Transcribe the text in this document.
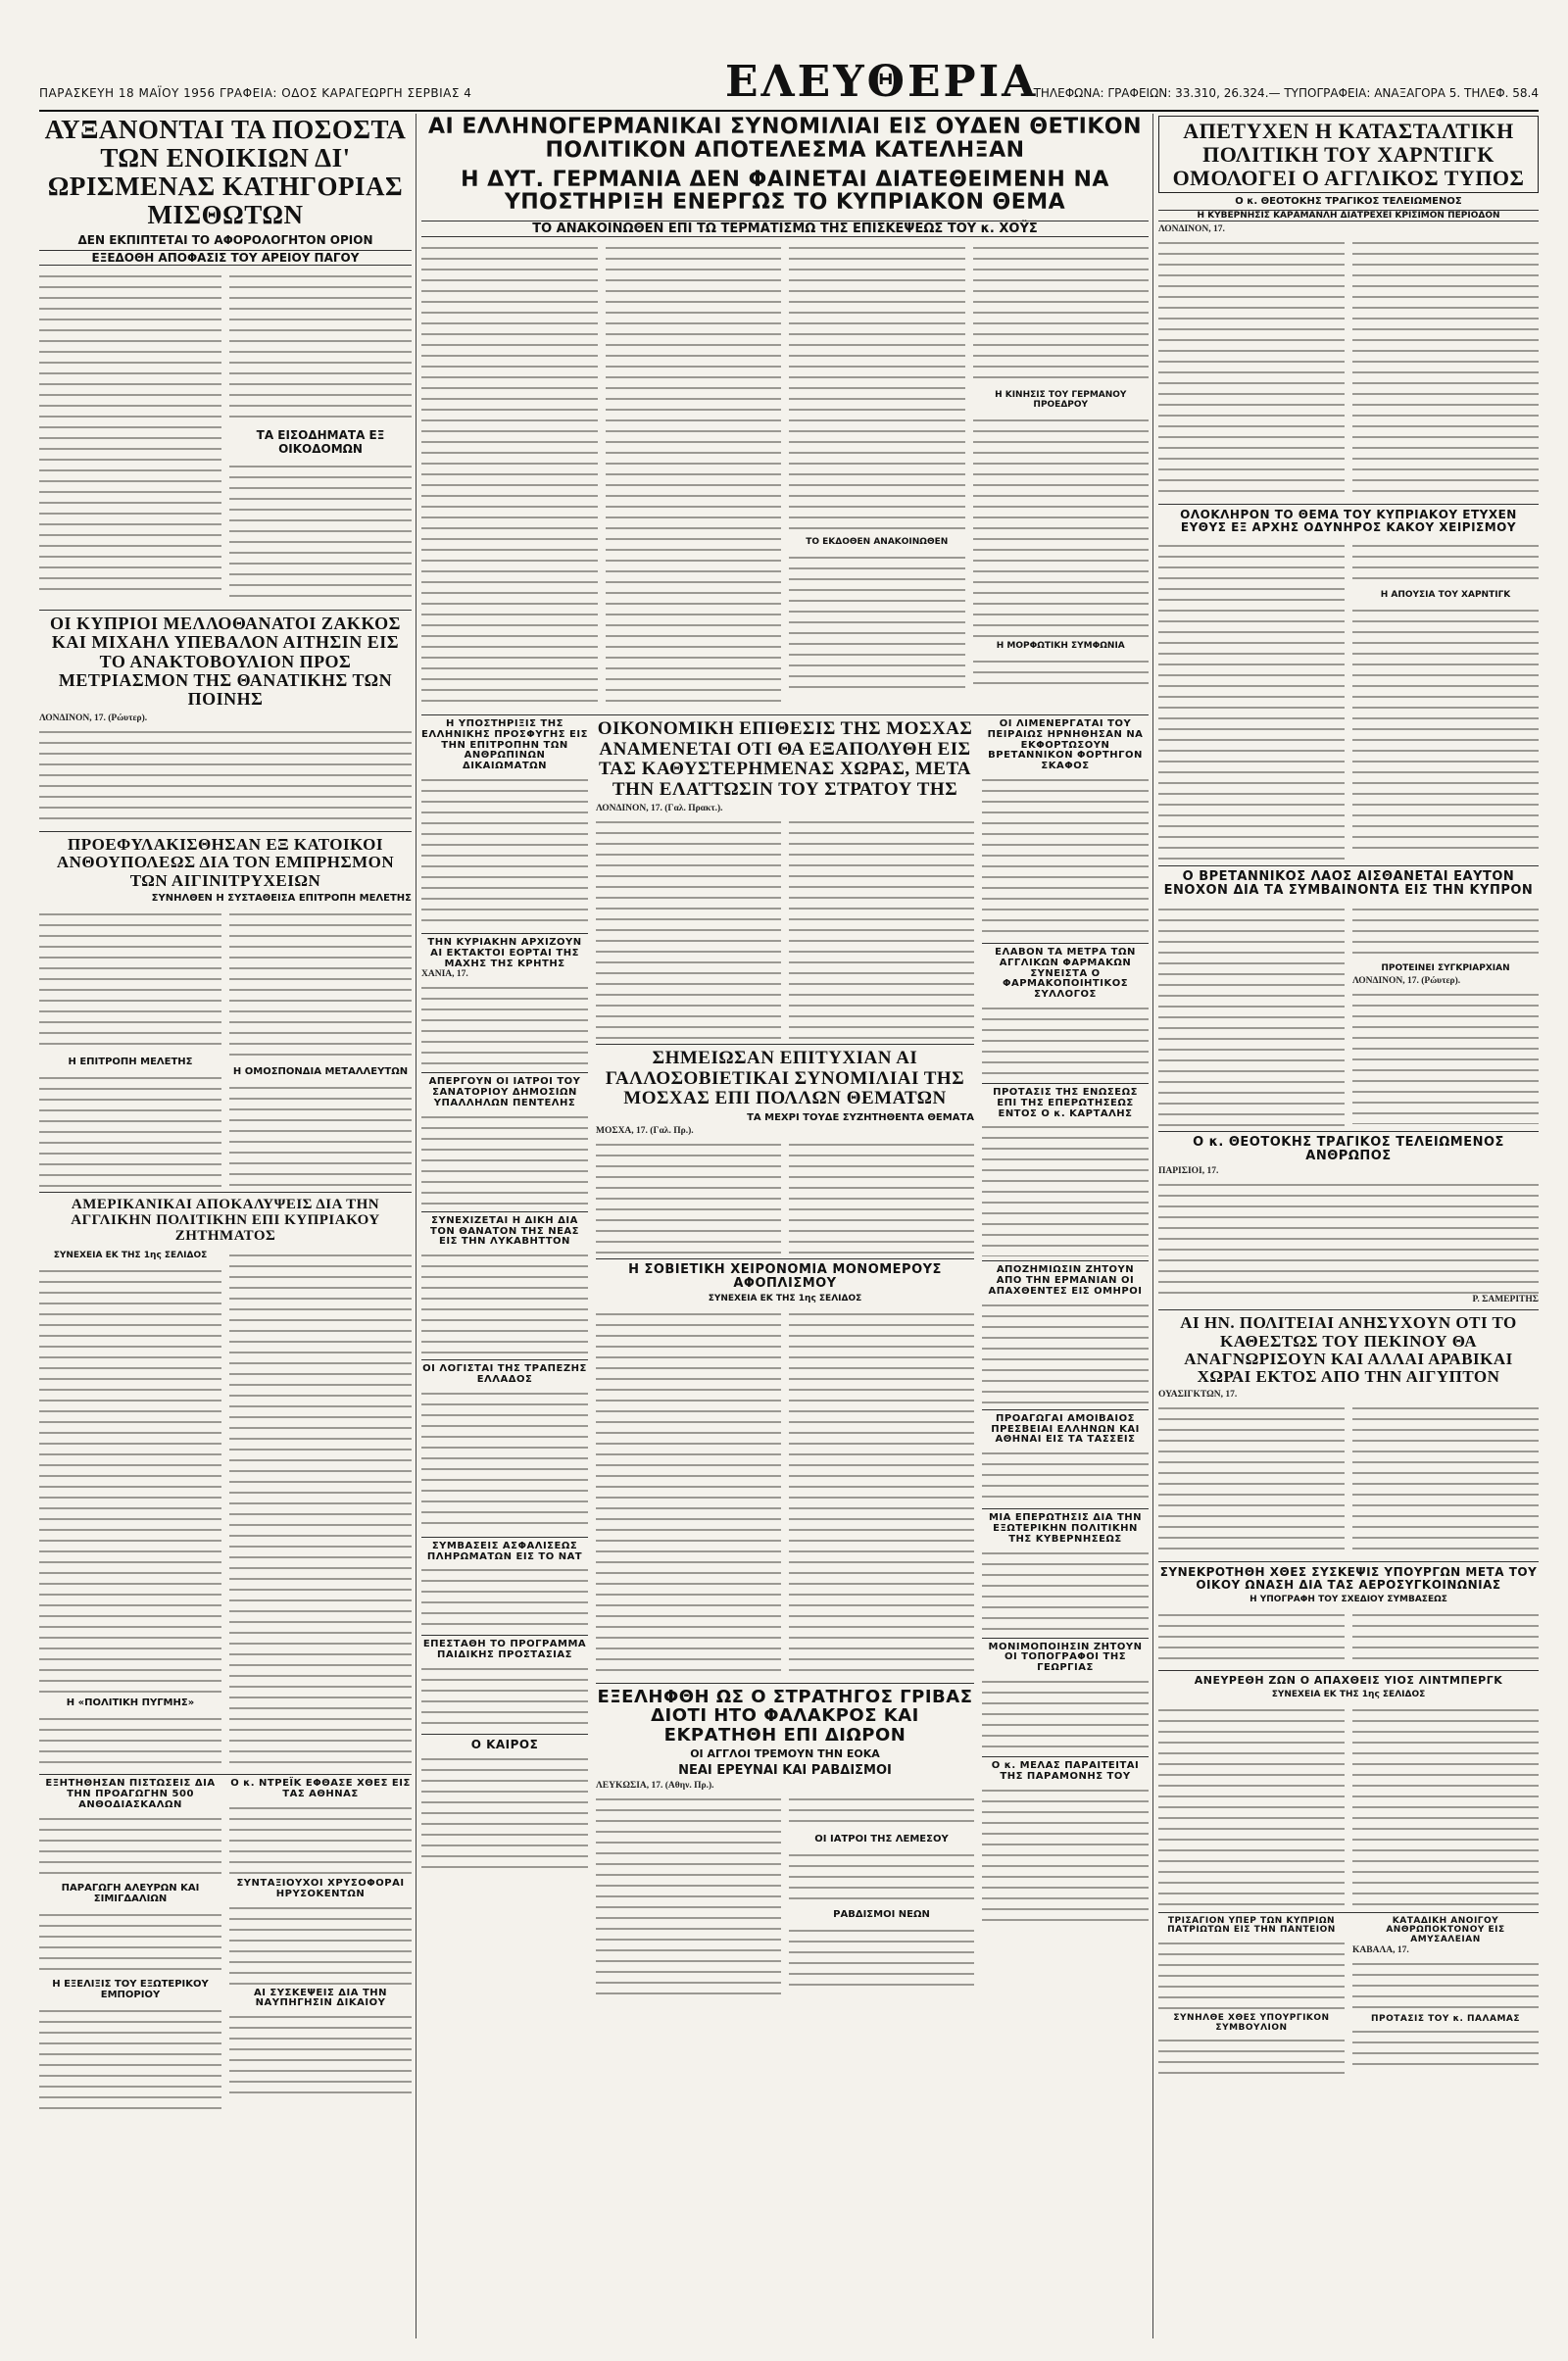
ΠΑΡΑΣΚΕΥΗ 18 ΜΑΪΟΥ 1956 ΓΡΑΦΕΙΑ: ΟΔΟΣ ΚΑΡΑΓΕΩΡΓΗ ΣΕΡΒΙΑΣ 4	ΕΛΕΥΘΕΡΙΑ
ΤΗΛΕΦΩΝΑ: ΓΡΑΦΕΙΩΝ: 33.310, 26.324.— ΤΥΠΟΓΡΑΦΕΙΑ: ΑΝΑΞΑΓΟΡΑ 5. ΤΗΛΕΦ. 58.4
ΑΥΞΑΝΟΝΤΑΙ ΤΑ ΠΟΣΟΣΤΑ ΤΩΝ ΕΝΟΙΚΙΩΝ ΔΙ' ΩΡΙΣΜΕΝΑΣ ΚΑΤΗΓΟΡΙΑΣ ΜΙΣΘΩΤΩΝ
ΔΕΝ ΕΚΠΙΠΤΕΤΑΙ ΤΟ ΑΦΟΡΟΛΟΓΗΤΟΝ ΟΡΙΟΝ
ΕΞΕΔΟΘΗ ΑΠΟΦΑΣΙΣ ΤΟΥ ΑΡΕΙΟΥ ΠΑΓΟΥ
ΤΑ ΕΙΣΟΔΗΜΑΤΑ ΕΞ ΟΙΚΟΔΟΜΩΝ
ΟΙ ΚΥΠΡΙΟΙ ΜΕΛΛΟΘΑΝΑΤΟΙ ΖΑΚΚΟΣ ΚΑΙ ΜΙΧΑΗΛ ΥΠΕΒΑΛΟΝ ΑΙΤΗΣΙΝ ΕΙΣ ΤΟ ΑΝΑΚΤΟΒΟΥΛΙΟΝ ΠΡΟΣ ΜΕΤΡΙΑΣΜΟΝ ΤΗΣ ΘΑΝΑΤΙΚΗΣ ΤΩΝ ΠΟΙΝΗΣ
ΛΟΝΔΙΝΟΝ, 17. (Ρώυτερ).
ΠΡΟΕΦΥΛΑΚΙΣΘΗΣΑΝ ΕΞ ΚΑΤΟΙΚΟΙ ΑΝΘΟΥΠΟΛΕΩΣ ΔΙΑ ΤΟΝ ΕΜΠΡΗΣΜΟΝ ΤΩΝ ΑΙΓΙΝΙΤΡΥΧΕΙΩΝ
ΣΥΝΗΛΘΕΝ Η ΣΥΣΤΑΘΕΙΣΑ ΕΠΙΤΡΟΠΗ ΜΕΛΕΤΗΣ
Η ΕΠΙΤΡΟΠΗ ΜΕΛΕΤΗΣ
Η ΟΜΟΣΠΟΝΔΙΑ ΜΕΤΑΛΛΕΥΤΩΝ
ΑΜΕΡΙΚΑΝΙΚΑΙ ΑΠΟΚΑΛΥΨΕΙΣ ΔΙΑ ΤΗΝ ΑΓΓΛΙΚΗΝ ΠΟΛΙΤΙΚΗΝ ΕΠΙ ΚΥΠΡΙΑΚΟΥ ΖΗΤΗΜΑΤΟΣ
ΣΥΝΕΧΕΙΑ ΕΚ ΤΗΣ 1ης ΣΕΛΙΔΟΣ
Η «ΠΟΛΙΤΙΚΗ ΠΥΓΜΗΣ»
ΕΞΗΤΗΘΗΣΑΝ ΠΙΣΤΩΣΕΙΣ ΔΙΑ ΤΗΝ ΠΡΟΑΓΩΓΗΝ 500 ΑΝΘΟΔΙΑΣΚΑΛΩΝ
ΠΑΡΑΓΩΓΗ ΑΛΕΥΡΩΝ ΚΑΙ ΣΙΜΙΓΔΑΛΙΩΝ
Η ΕΞΕΛΙΞΙΣ ΤΟΥ ΕΞΩΤΕΡΙΚΟΥ ΕΜΠΟΡΙΟΥ
Ο κ. ΝΤΡΕΪΚ ΕΦΘΑΣΕ ΧΘΕΣ ΕΙΣ ΤΑΣ ΑΘΗΝΑΣ
ΣΥΝΤΑΞΙΟΥΧΟΙ ΧΡΥΣΟΦΟΡΑΙ ΗΡΥΣΟΚΕΝΤΩΝ
ΑΙ ΣΥΣΚΕΨΕΙΣ ΔΙΑ ΤΗΝ ΝΑΥΠΗΓΗΣΙΝ ΔΙΚΑΙΟΥ
ΑΙ ΕΛΛΗΝΟΓΕΡΜΑΝΙΚΑΙ ΣΥΝΟΜΙΛΙΑΙ ΕΙΣ ΟΥΔΕΝ ΘΕΤΙΚΟΝ ΠΟΛΙΤΙΚΟΝ ΑΠΟΤΕΛΕΣΜΑ ΚΑΤΕΛΗΞΑΝ
Η ΔΥΤ. ΓΕΡΜΑΝΙΑ ΔΕΝ ΦΑΙΝΕΤΑΙ ΔΙΑΤΕΘΕΙΜΕΝΗ ΝΑ ΥΠΟΣΤΗΡΙΞΗ ΕΝΕΡΓΩΣ ΤΟ ΚΥΠΡΙΑΚΟΝ ΘΕΜΑ
ΤΟ ΑΝΑΚΟΙΝΩΘΕΝ ΕΠΙ ΤΩ ΤΕΡΜΑΤΙΣΜΩ ΤΗΣ ΕΠΙΣΚΕΨΕΩΣ ΤΟΥ κ. ΧΟΫΣ
ΤΟ ΕΚΔΟΘΕΝ ΑΝΑΚΟΙΝΩΘΕΝ
Η ΚΙΝΗΣΙΣ ΤΟΥ ΓΕΡΜΑΝΟΥ ΠΡΟΕΔΡΟΥ
Η ΜΟΡΦΩΤΙΚΗ ΣΥΜΦΩΝΙΑ
Η ΥΠΟΣΤΗΡΙΞΙΣ ΤΗΣ ΕΛΛΗΝΙΚΗΣ ΠΡΟΣΦΥΓΗΣ ΕΙΣ ΤΗΝ ΕΠΙΤΡΟΠΗΝ ΤΩΝ ΑΝΘΡΩΠΙΝΩΝ ΔΙΚΑΙΩΜΑΤΩΝ
ΤΗΝ ΚΥΡΙΑΚΗΝ ΑΡΧΙΖΟΥΝ ΑΙ ΕΚΤΑΚΤΟΙ ΕΟΡΤΑΙ ΤΗΣ ΜΑΧΗΣ ΤΗΣ ΚΡΗΤΗΣ
ΧΑΝΙΑ, 17.
ΑΠΕΡΓΟΥΝ ΟΙ ΙΑΤΡΟΙ ΤΟΥ ΣΑΝΑΤΟΡΙΟΥ ΔΗΜΟΣΙΩΝ ΥΠΑΛΛΗΛΩΝ ΠΕΝΤΕΛΗΣ
ΣΥΝΕΧΙΖΕΤΑΙ Η ΔΙΚΗ ΔΙΑ ΤΟΝ ΘΑΝΑΤΟΝ ΤΗΣ ΝΕΑΣ ΕΙΣ ΤΗΝ ΛΥΚΑΒΗΤΤΟΝ
ΟΙ ΛΟΓΙΣΤΑΙ ΤΗΣ ΤΡΑΠΕΖΗΣ ΕΛΛΑΔΟΣ
ΣΥΜΒΑΣΕΙΣ ΑΣΦΑΛΙΣΕΩΣ ΠΛΗΡΩΜΑΤΩΝ ΕΙΣ ΤΟ ΝΑΤ
ΕΠΕΣΤΑΘΗ ΤΟ ΠΡΟΓΡΑΜΜΑ ΠΑΙΔΙΚΗΣ ΠΡΟΣΤΑΣΙΑΣ
Ο ΚΑΙΡΟΣ
ΟΙΚΟΝΟΜΙΚΗ ΕΠΙΘΕΣΙΣ ΤΗΣ ΜΟΣΧΑΣ ΑΝΑΜΕΝΕΤΑΙ ΟΤΙ ΘΑ ΕΞΑΠΟΛΥΘΗ ΕΙΣ ΤΑΣ ΚΑΘΥΣΤΕΡΗΜΕΝΑΣ ΧΩΡΑΣ, ΜΕΤΑ ΤΗΝ ΕΛΑΤΤΩΣΙΝ ΤΟΥ ΣΤΡΑΤΟΥ ΤΗΣ
ΛΟΝΔΙΝΟΝ, 17. (Γαλ. Πρακτ.).
ΣΗΜΕΙΩΣΑΝ ΕΠΙΤΥΧΙΑΝ ΑΙ ΓΑΛΛΟΣΟΒΙΕΤΙΚΑΙ ΣΥΝΟΜΙΛΙΑΙ ΤΗΣ ΜΟΣΧΑΣ ΕΠΙ ΠΟΛΛΩΝ ΘΕΜΑΤΩΝ
ΤΑ ΜΕΧΡΙ ΤΟΥΔΕ ΣΥΖΗΤΗΘΕΝΤΑ ΘΕΜΑΤΑ
ΜΟΣΧΑ, 17. (Γαλ. Πρ.).
Η ΣΟΒΙΕΤΙΚΗ ΧΕΙΡΟΝΟΜΙΑ ΜΟΝΟΜΕΡΟΥΣ ΑΦΟΠΛΙΣΜΟΥ
ΣΥΝΕΧΕΙΑ ΕΚ ΤΗΣ 1ης ΣΕΛΙΔΟΣ
ΕΞΕΛΗΦΘΗ ΩΣ Ο ΣΤΡΑΤΗΓΟΣ ΓΡΙΒΑΣ ΔΙΟΤΙ ΗΤΟ ΦΑΛΑΚΡΟΣ ΚΑΙ ΕΚΡΑΤΗΘΗ ΕΠΙ ΔΙΩΡΟΝ
ΟΙ ΑΓΓΛΟΙ ΤΡΕΜΟΥΝ ΤΗΝ ΕΟΚΑ
ΝΕΑΙ ΕΡΕΥΝΑΙ ΚΑΙ ΡΑΒΔΙΣΜΟΙ
ΛΕΥΚΩΣΙΑ, 17. (Αθην. Πρ.).
ΟΙ ΙΑΤΡΟΙ ΤΗΣ ΛΕΜΕΣΟΥ
ΡΑΒΔΙΣΜΟΙ ΝΕΩΝ
ΟΙ ΛΙΜΕΝΕΡΓΑΤΑΙ ΤΟΥ ΠΕΙΡΑΙΩΣ ΗΡΝΗΘΗΣΑΝ ΝΑ ΕΚΦΟΡΤΩΣΟΥΝ ΒΡΕΤΑΝΝΙΚΟΝ ΦΟΡΤΗΓΟΝ ΣΚΑΦΟΣ
ΕΛΑΒΟΝ ΤΑ ΜΕΤΡΑ ΤΩΝ ΑΓΓΛΙΚΩΝ ΦΑΡΜΑΚΩΝ ΣΥΝΕΙΣΤΑ Ο ΦΑΡΜΑΚΟΠΟΙΗΤΙΚΟΣ ΣΥΛΛΟΓΟΣ
ΠΡΟΤΑΣΙΣ ΤΗΣ ΕΝΩΣΕΩΣ ΕΠΙ ΤΗΣ ΕΠΕΡΩΤΗΣΕΩΣ ΕΝΤΟΣ Ο κ. ΚΑΡΤΑΛΗΣ
ΑΠΟΖΗΜΙΩΣΙΝ ΖΗΤΟΥΝ ΑΠΟ ΤΗΝ ΕΡΜΑΝΙΑΝ ΟΙ ΑΠΑΧΘΕΝΤΕΣ ΕΙΣ ΟΜΗΡΟΙ
ΠΡΟΑΓΩΓΑΙ ΑΜΟΙΒΑΙΟΣ ΠΡΕΣΒΕΙΑΙ ΕΛΛΗΝΩΝ ΚΑΙ ΑΘΗΝΑΙ ΕΙΣ ΤΑ ΤΑΣΣΕΙΣ
ΜΙΑ ΕΠΕΡΩΤΗΣΙΣ ΔΙΑ ΤΗΝ ΕΞΩΤΕΡΙΚΗΝ ΠΟΛΙΤΙΚΗΝ ΤΗΣ ΚΥΒΕΡΝΗΣΕΩΣ
ΜΟΝΙΜΟΠΟΙΗΣΙΝ ΖΗΤΟΥΝ ΟΙ ΤΟΠΟΓΡΑΦΟΙ ΤΗΣ ΓΕΩΡΓΙΑΣ
Ο κ. ΜΕΛΑΣ ΠΑΡΑΙΤΕΙΤΑΙ ΤΗΣ ΠΑΡΑΜΟΝΗΣ ΤΟΥ
ΑΠΕΤΥΧΕΝ Η ΚΑΤΑΣΤΑΛΤΙΚΗ ΠΟΛΙΤΙΚΗ ΤΟΥ ΧΑΡΝΤΙΓΚ ΟΜΟΛΟΓΕΙ Ο ΑΓΓΛΙΚΟΣ ΤΥΠΟΣ
Ο κ. ΘΕΟΤΟΚΗΣ ΤΡΑΓΙΚΟΣ ΤΕΛΕΙΩΜΕΝΟΣ
Η ΚΥΒΕΡΝΗΣΙΣ ΚΑΡΑΜΑΝΛΗ ΔΙΑΤΡΕΧΕΙ ΚΡΙΣΙΜΟΝ ΠΕΡΙΟΔΟΝ
ΛΟΝΔΙΝΟΝ, 17.
ΟΛΟΚΛΗΡΟΝ ΤΟ ΘΕΜΑ ΤΟΥ ΚΥΠΡΙΑΚΟΥ ΕΤΥΧΕΝ ΕΥΘΥΣ ΕΞ ΑΡΧΗΣ ΟΔΥΝΗΡΟΣ ΚΑΚΟΥ ΧΕΙΡΙΣΜΟΥ
Η ΑΠΟΥΣΙΑ ΤΟΥ ΧΑΡΝΤΙΓΚ
Ο ΒΡΕΤΑΝΝΙΚΟΣ ΛΑΟΣ ΑΙΣΘΑΝΕΤΑΙ ΕΑΥΤΟΝ ΕΝΟΧΟΝ ΔΙΑ ΤΑ ΣΥΜΒΑΙΝΟΝΤΑ ΕΙΣ ΤΗΝ ΚΥΠΡΟΝ
ΠΡΟΤΕΙΝΕΙ ΣΥΓΚΡΙΑΡΧΙΑΝ
ΛΟΝΔΙΝΟΝ, 17. (Ρώυτερ).
Ο κ. ΘΕΟΤΟΚΗΣ ΤΡΑΓΙΚΟΣ ΤΕΛΕΙΩΜΕΝΟΣ ΑΝΘΡΩΠΟΣ
ΠΑΡΙΣΙΟΙ, 17.
Ρ. ΣΑΜΕΡΙΤΗΣ
ΑΙ ΗΝ. ΠΟΛΙΤΕΙΑΙ ΑΝΗΣΥΧΟΥΝ ΟΤΙ ΤΟ ΚΑΘΕΣΤΩΣ ΤΟΥ ΠΕΚΙΝΟΥ ΘΑ ΑΝΑΓΝΩΡΙΣΟΥΝ ΚΑΙ ΑΛΛΑΙ ΑΡΑΒΙΚΑΙ ΧΩΡΑΙ ΕΚΤΟΣ ΑΠΟ ΤΗΝ ΑΙΓΥΠΤΟΝ
ΟΥΑΣΙΓΚΤΩΝ, 17.
ΣΥΝΕΚΡΟΤΗΘΗ ΧΘΕΣ ΣΥΣΚΕΨΙΣ ΥΠΟΥΡΓΩΝ ΜΕΤΑ ΤΟΥ ΟΙΚΟΥ ΩΝΑΣΗ ΔΙΑ ΤΑΣ ΑΕΡΟΣΥΓΚΟΙΝΩΝΙΑΣ
Η ΥΠΟΓΡΑΦΗ ΤΟΥ ΣΧΕΔΙΟΥ ΣΥΜΒΑΣΕΩΣ
ΑΝΕΥΡΕΘΗ ΖΩΝ Ο ΑΠΑΧΘΕΙΣ ΥΙΟΣ ΛΙΝΤΜΠΕΡΓΚ
ΣΥΝΕΧΕΙΑ ΕΚ ΤΗΣ 1ης ΣΕΛΙΔΟΣ
ΤΡΙΣΑΓΙΟΝ ΥΠΕΡ ΤΩΝ ΚΥΠΡΙΩΝ ΠΑΤΡΙΩΤΩΝ ΕΙΣ ΤΗΝ ΠΑΝΤΕΙΟΝ
ΣΥΝΗΛΘΕ ΧΘΕΣ ΥΠΟΥΡΓΙΚΟΝ ΣΥΜΒΟΥΛΙΟΝ
ΚΑΤΑΔΙΚΗ ΑΝΟΙΓΟΥ ΑΝΘΡΩΠΟΚΤΟΝΟΥ ΕΙΣ ΑΜΥΣΑΛΕΙΑΝ
ΚΑΒΑΛΑ, 17.
ΠΡΟΤΑΣΙΣ ΤΟΥ κ. ΠΑΛΑΜΑΣ
